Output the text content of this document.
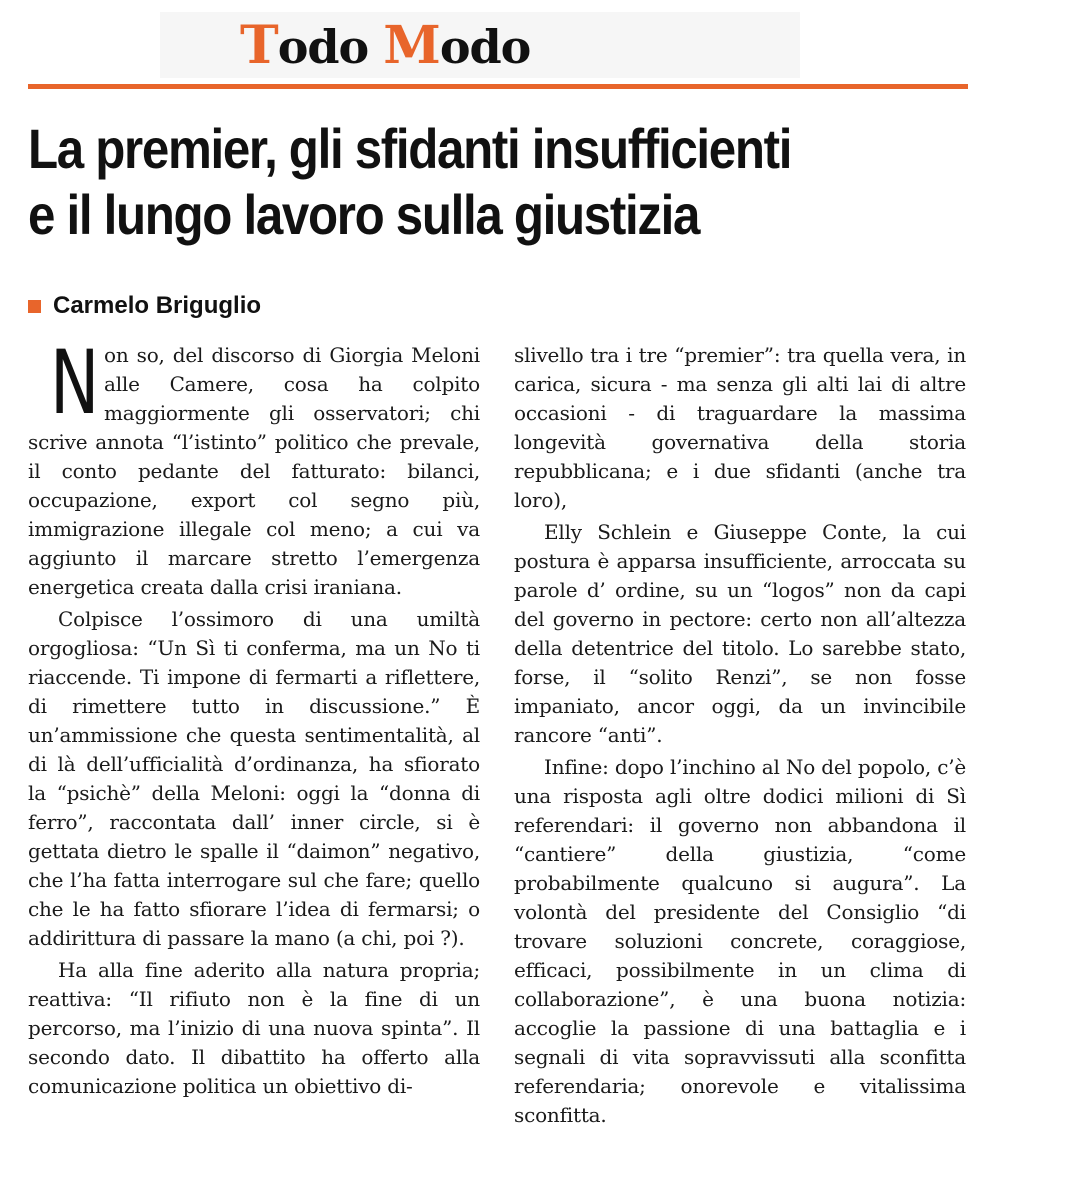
Todo Modo
La premier, gli sfidanti insufficienti
e il lungo lavoro sulla giustizia
Carmelo Briguglio

Non so, del discorso di Giorgia Meloni alle Camere, cosa ha colpito maggiormente gli osservatori; chi scrive annota “l’istinto” politico che prevale, il conto pedante del fatturato: bilanci, occupazione, export col segno più, immigrazione illegale col meno; a cui va aggiunto il marcare stretto l’emergenza energetica creata dalla crisi iraniana.

Colpisce l’ossimoro di una umiltà orgogliosa: “Un Sì ti conferma, ma un No ti riaccende. Ti impone di fermarti a riflettere, di rimettere tutto in discussione.” È un’ammissione che questa sentimentalità, al di là dell’ufficialità d’ordinanza, ha sfiorato la “psichè” della Meloni: oggi la “donna di ferro”, raccontata dall’ inner circle, si è gettata dietro le spalle il “daimon” negativo, che l’ha fatta interrogare sul che fare; quello che le ha fatto sfiorare l’idea di fermarsi; o addirittura di passare la mano (a chi, poi ?).

Ha alla fine aderito alla natura propria; reattiva: “Il rifiuto non è la fine di un percorso, ma l’inizio di una nuova spinta”. Il secondo dato. Il dibattito ha offerto alla comunicazione politica un obiettivo di-

slivello tra i tre “premier”: tra quella vera, in carica, sicura - ma senza gli alti lai di altre occasioni - di traguardare la massima longevità governativa della storia repubblicana; e i due sfidanti (anche tra loro),

Elly Schlein e Giuseppe Conte, la cui postura è apparsa insufficiente, arroccata su parole d’ ordine, su un “logos” non da capi del governo in pectore: certo non all’altezza della detentrice del titolo. Lo sarebbe stato, forse, il “solito Renzi”, se non fosse impaniato, ancor oggi, da un invincibile rancore “anti”.

Infine: dopo l’inchino al No del popolo, c’è una risposta agli oltre dodici milioni di Sì referendari: il governo non abbandona il “cantiere” della giustizia, “come probabilmente qualcuno si augura”. La volontà del presidente del Consiglio “di trovare soluzioni concrete, coraggiose, efficaci, possibilmente in un clima di collaborazione”, è una buona notizia: accoglie la passione di una battaglia e i segnali di vita sopravvissuti alla sconfitta referendaria; onorevole e vitalissima sconfitta.
